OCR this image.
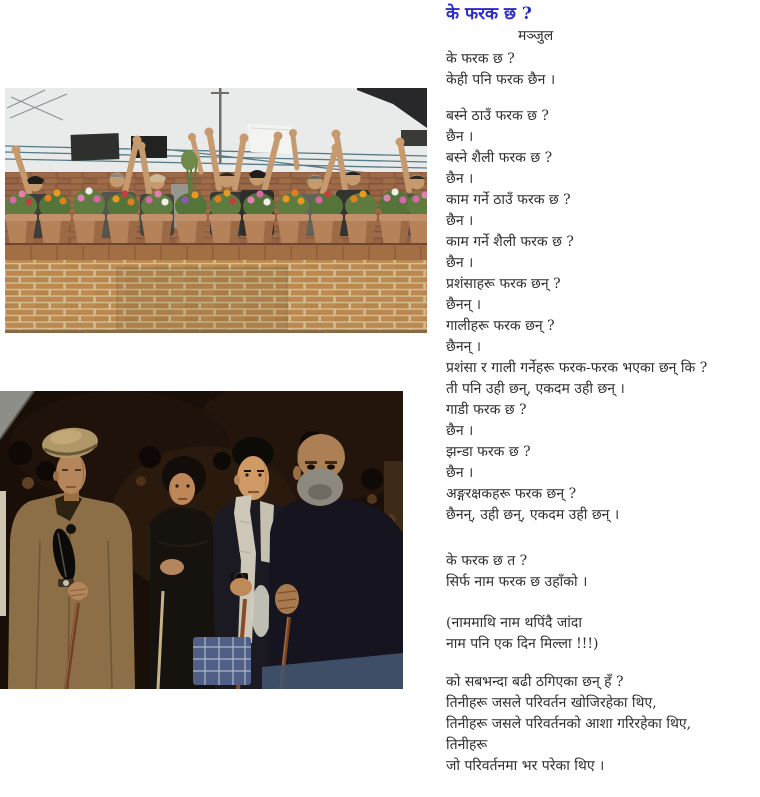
के फरक छ ?
मञ्जुल
के फरक छ ?
केही पनि फरक छैन ।
बस्ने ठाउँ फरक छ ?
छैन ।
बस्ने शैली फरक छ ?
छैन ।
काम गर्ने ठाउँ फरक छ ?
छैन ।
काम गर्ने शैली फरक छ ?
छैन ।
प्रशंसाहरू फरक छन् ?
छैनन् ।
गालीहरू फरक छन् ?
छैनन् ।
प्रशंसा र गाली गर्नेहरू फरक-फरक भएका छन् कि ?
ती पनि उही छन्, एकदम उही छन् ।
गाडी फरक छ ?
छैन ।
झन्डा फरक छ ?
छैन ।
अङ्गरक्षकहरू फरक छन् ?
छैनन्, उही छन्, एकदम उही छन् ।
के फरक छ त ?
सिर्फ नाम फरक छ उहाँको ।
(नाममाथि नाम थपिंदै जांदा
नाम पनि एक दिन मिल्ला !!!)
को सबभन्दा बढी ठगिएका छन् हँ ?
तिनीहरू जसले परिवर्तन खोजिरहेका थिए,
तिनीहरू जसले परिवर्तनको आशा गरिरहेका थिए,
तिनीहरू
जो परिवर्तनमा भर परेका थिए ।
